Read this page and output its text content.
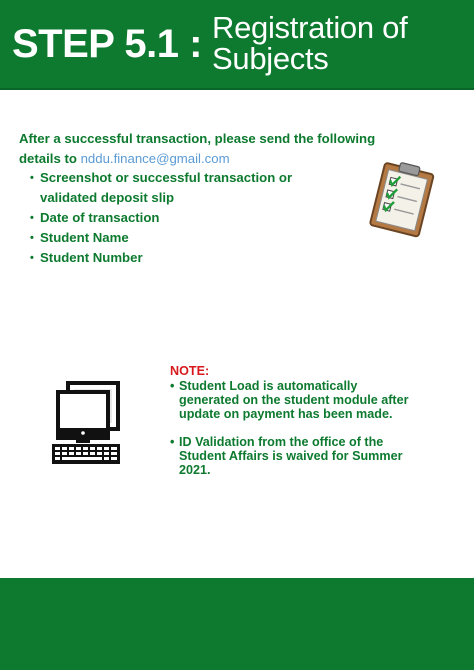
STEP 5.1 : Registration of
Subjects
After a successful transaction, please send the following details to nddu.finance@gmail.com
• Screenshot or successful transaction or validated deposit slip
• Date of transaction
• Student Name
• Student Number
NOTE:
• Student Load is automatically generated on the student module after update on payment has been made.
• ID Validation from the office of the Student Affairs is waived for Summer 2021.
